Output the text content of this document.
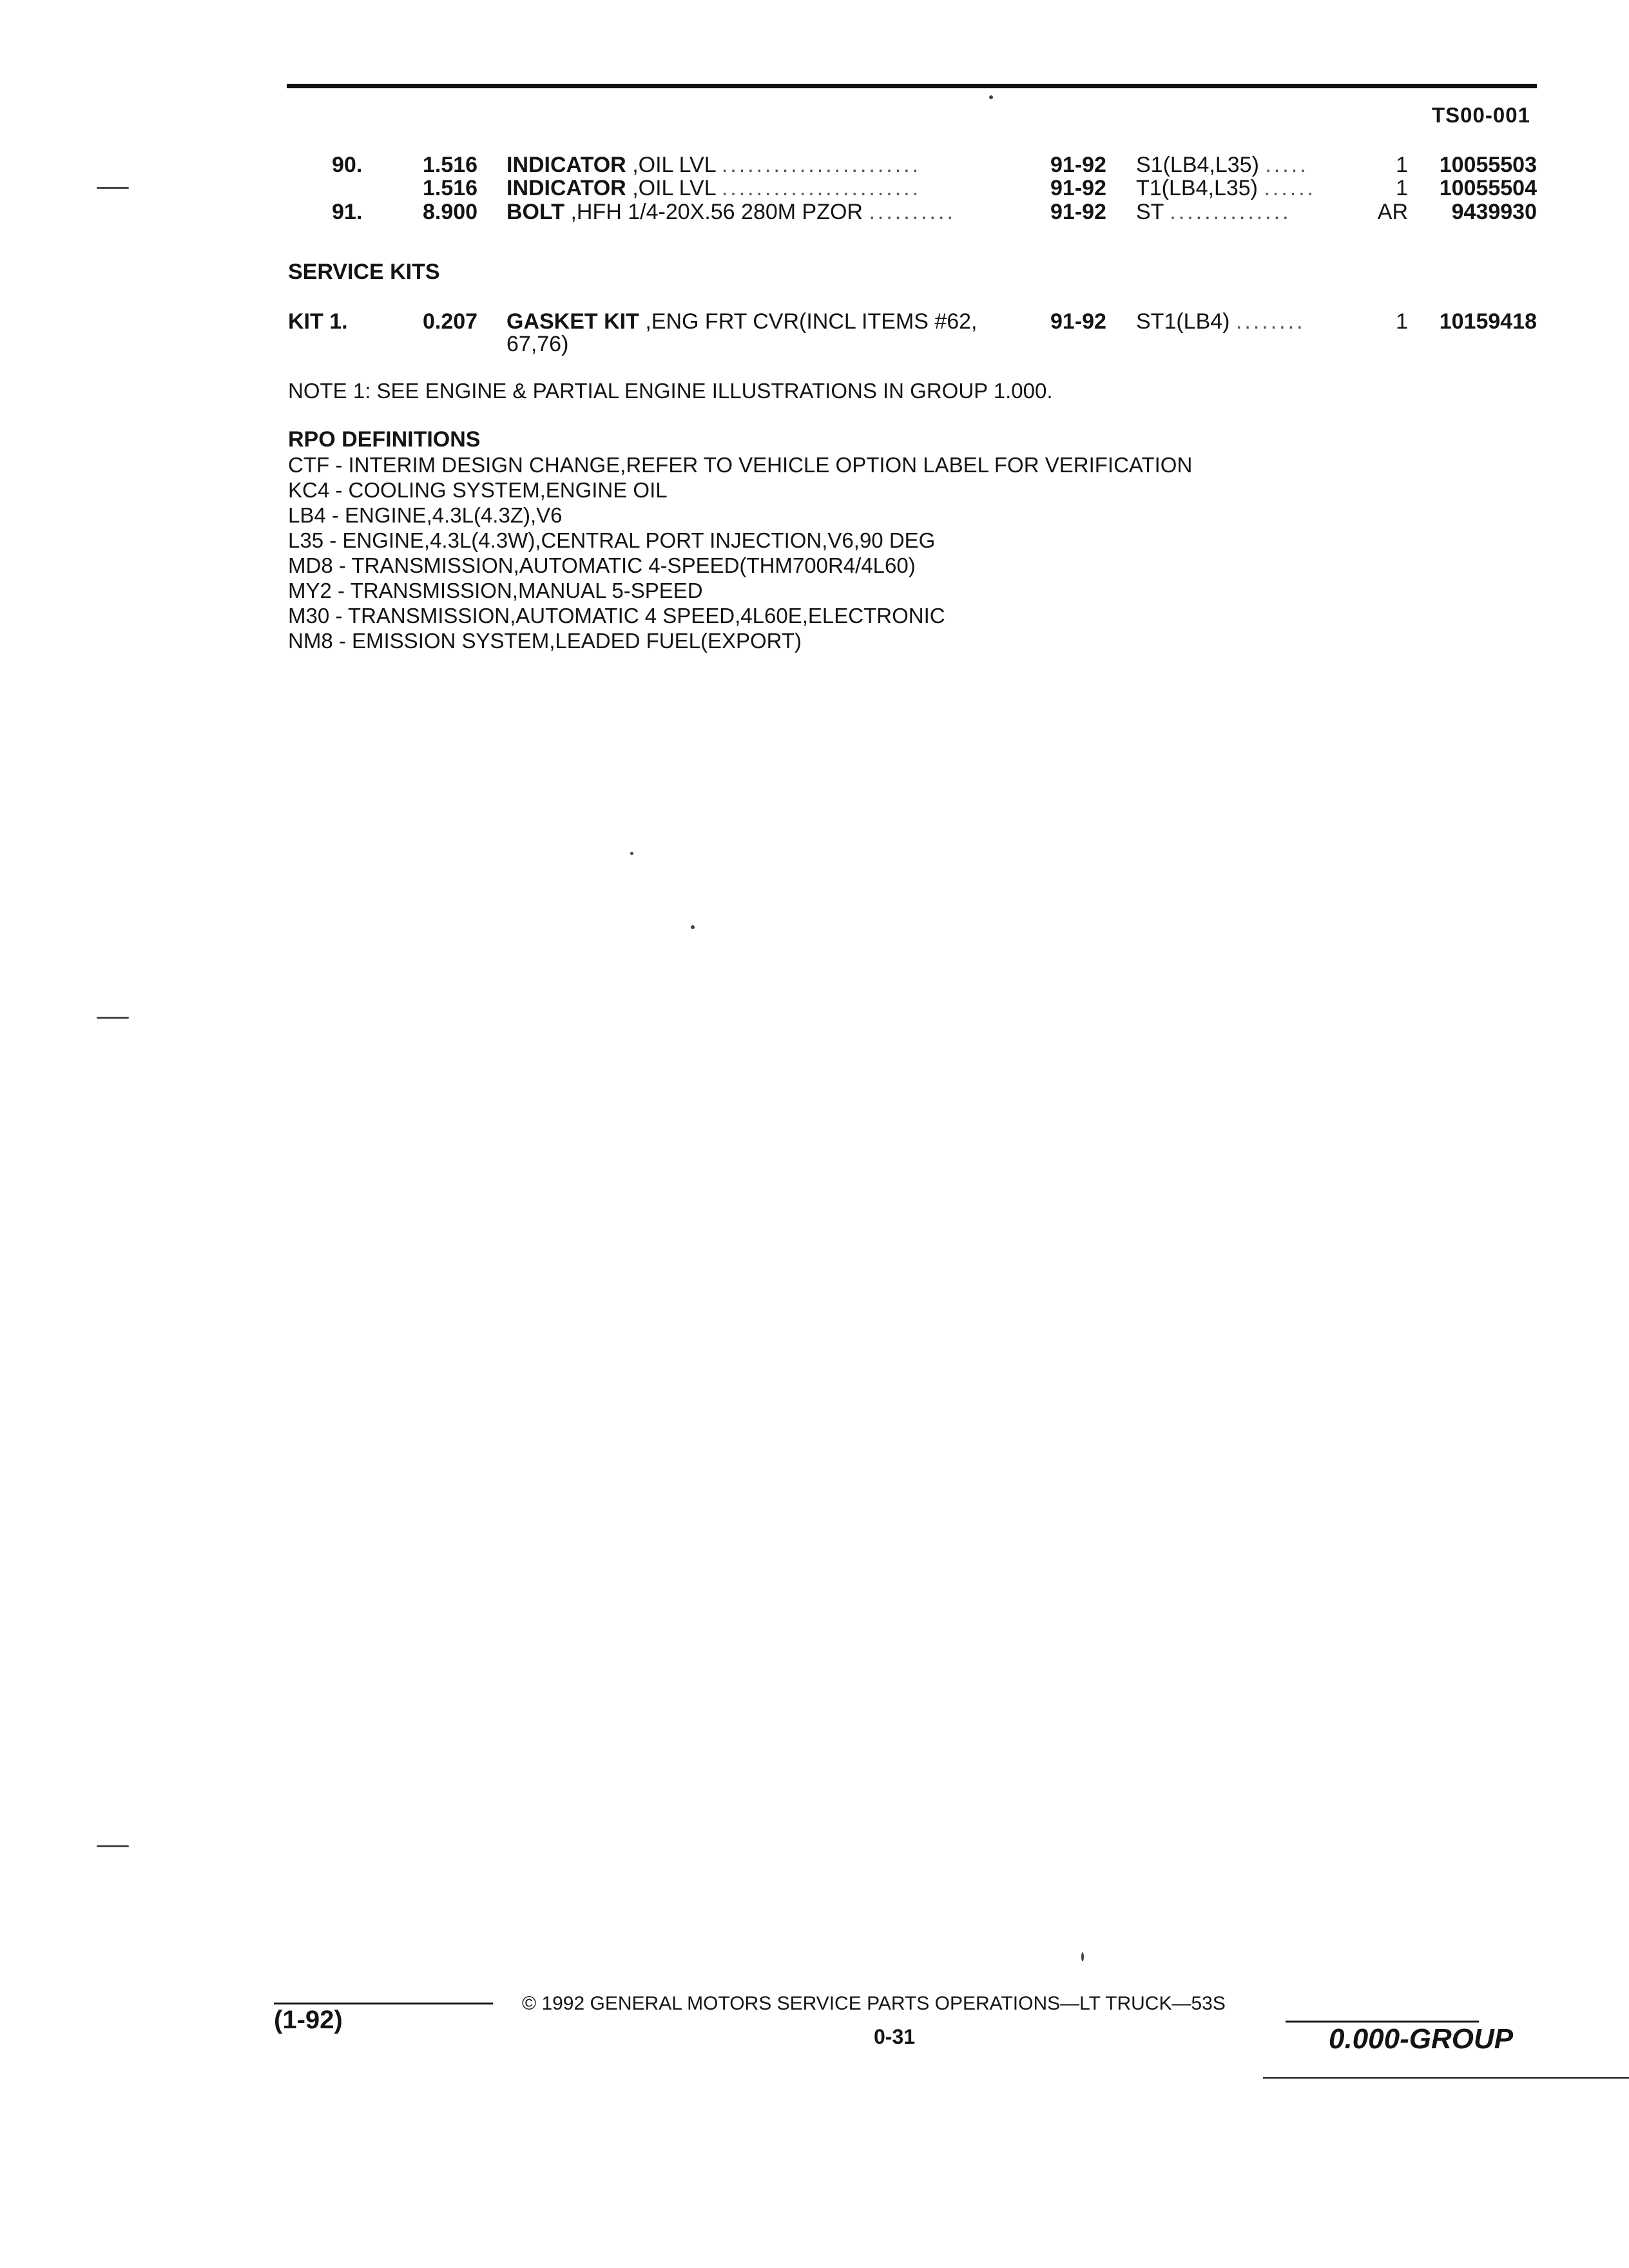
TS00-001
90.	1.516 INDICATOR ,OIL LVL .......................	91-92 S1(LB4,L35) .....	1	10055503
1.516 INDICATOR ,OIL LVL .......................	91-92 T1(LB4,L35) ......	1	10055504
91.	8.900 BOLT ,HFH 1/4-20X.56 280M PZOR ..........	91-92 ST ..............	AR	9439930
SERVICE KITS
KIT 1.	0.207 GASKET KIT ,ENG FRT CVR(INCL ITEMS #62,	91-92 ST1(LB4) ........	1	10159418
67,76)
NOTE 1: SEE ENGINE & PARTIAL ENGINE ILLUSTRATIONS IN GROUP 1.000.
RPO DEFINITIONS
CTF - INTERIM DESIGN CHANGE,REFER TO VEHICLE OPTION LABEL FOR VERIFICATION
KC4 - COOLING SYSTEM,ENGINE OIL
LB4 - ENGINE,4.3L(4.3Z),V6
L35 - ENGINE,4.3L(4.3W),CENTRAL PORT INJECTION,V6,90 DEG
MD8 - TRANSMISSION,AUTOMATIC 4-SPEED(THM700R4/4L60)
MY2 - TRANSMISSION,MANUAL 5-SPEED
M30 - TRANSMISSION,AUTOMATIC 4 SPEED,4L60E,ELECTRONIC
NM8 - EMISSION SYSTEM,LEADED FUEL(EXPORT)
(1-92)
© 1992 GENERAL MOTORS SERVICE PARTS OPERATIONS—LT TRUCK—53S
0-31	0.000-GROUP
